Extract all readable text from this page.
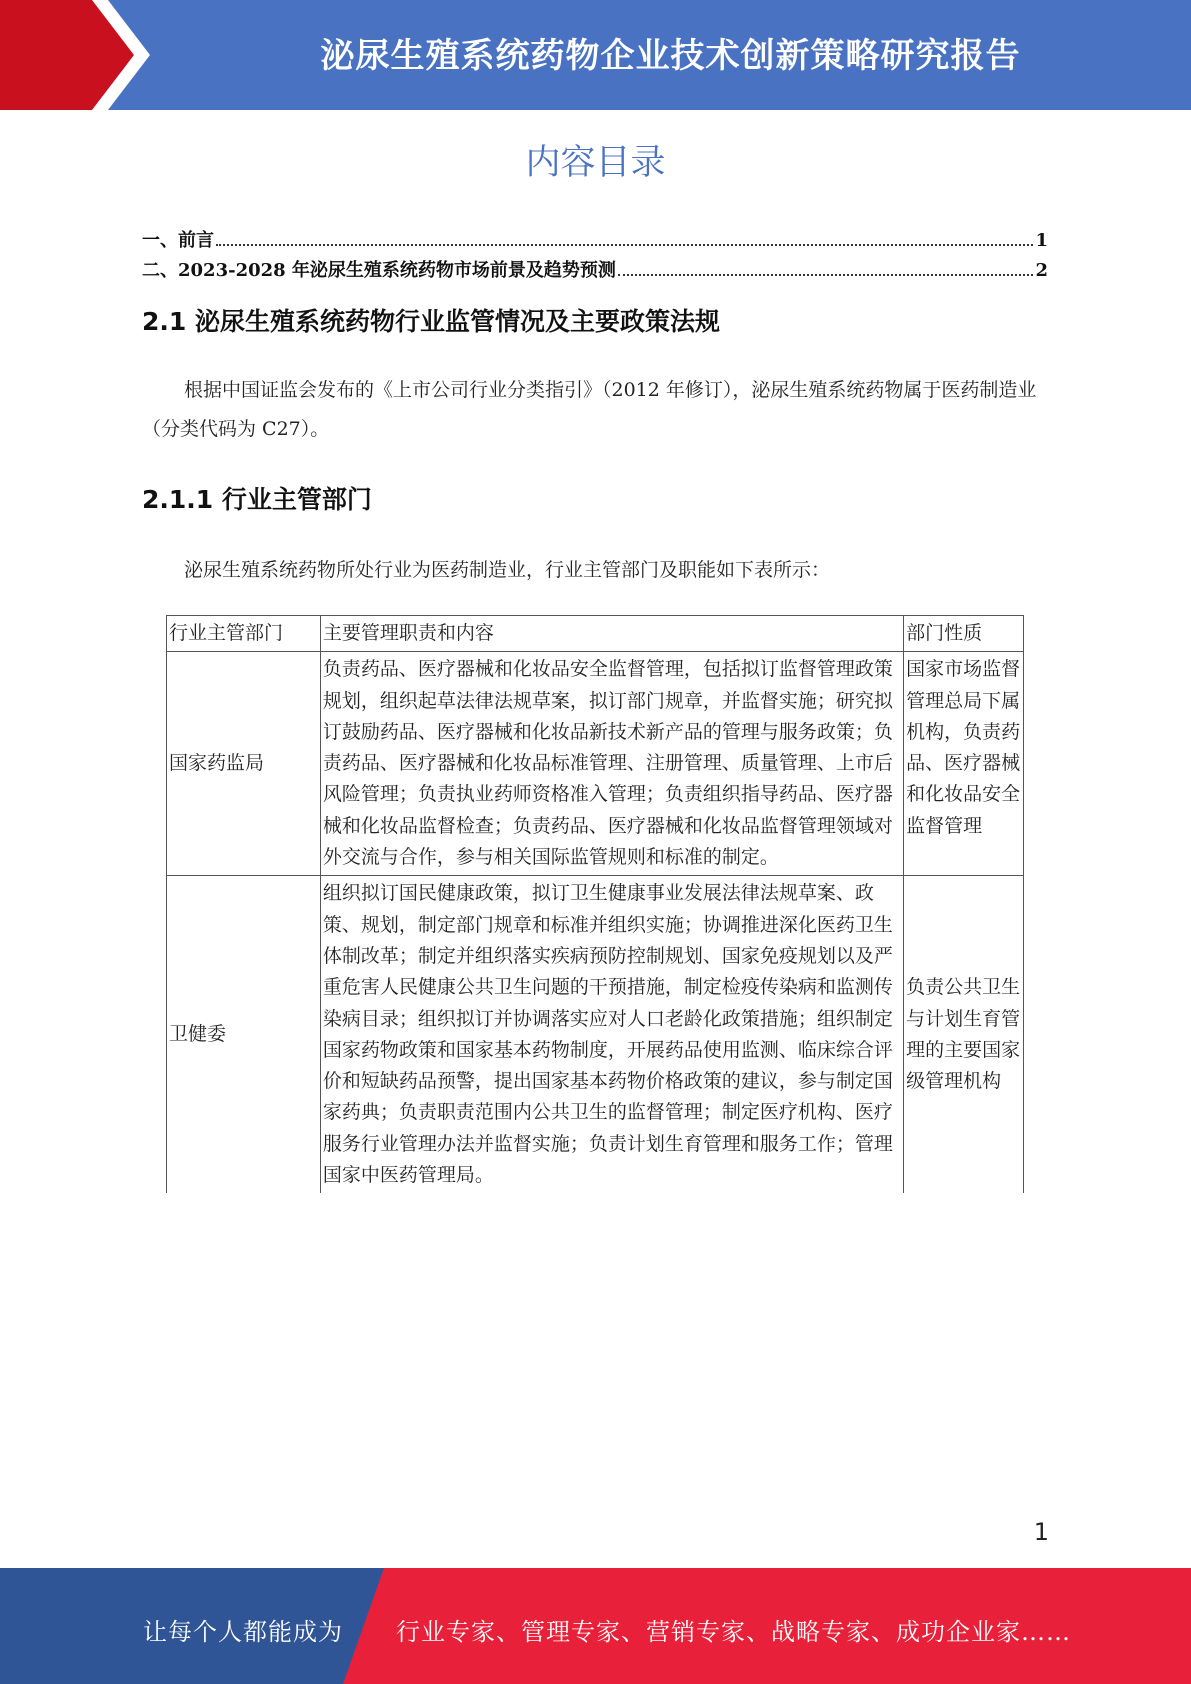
泌尿生殖系统药物企业技术创新策略研究报告
内容目录
一、前言	1
二、2023-2028 年泌尿生殖系统药物市场前景及趋势预测	2
2.1 泌尿生殖系统药物行业监管情况及主要政策法规
根据中国证监会发布的《上市公司行业分类指引》（2012 年修订），泌尿生殖系统药物属于医药制造业（分类代码为 C27）。
2.1.1 行业主管部门
泌尿生殖系统药物所处行业为医药制造业，行业主管部门及职能如下表所示：
行业主管部门	主要管理职责和内容	部门性质
国家药监局	负责药品、医疗器械和化妆品安全监督管理，包括拟订监督管理政策规划，组织起草法律法规草案，拟订部门规章，并监督实施；研究拟订鼓励药品、医疗器械和化妆品新技术新产品的管理与服务政策；负责药品、医疗器械和化妆品标准管理、注册管理、质量管理、上市后风险管理；负责执业药师资格准入管理；负责组织指导药品、医疗器械和化妆品监督检查；负责药品、医疗器械和化妆品监督管理领域对外交流与合作，参与相关国际监管规则和标准的制定。	国家市场监督管理总局下属机构，负责药品、医疗器械和化妆品安全监督管理
卫健委	组织拟订国民健康政策，拟订卫生健康事业发展法律法规草案、政策、规划，制定部门规章和标准并组织实施；协调推进深化医药卫生体制改革；制定并组织落实疾病预防控制规划、国家免疫规划以及严重危害人民健康公共卫生问题的干预措施，制定检疫传染病和监测传染病目录；组织拟订并协调落实应对人口老龄化政策措施；组织制定国家药物政策和国家基本药物制度，开展药品使用监测、临床综合评价和短缺药品预警，提出国家基本药物价格政策的建议，参与制定国家药典；负责职责范围内公共卫生的监督管理；制定医疗机构、医疗服务行业管理办法并监督实施；负责计划生育管理和服务工作；管理国家中医药管理局。	负责公共卫生与计划生育管理的主要国家级管理机构
1
让每个人都能成为 行业专家、管理专家、营销专家、战略专家、成功企业家……
